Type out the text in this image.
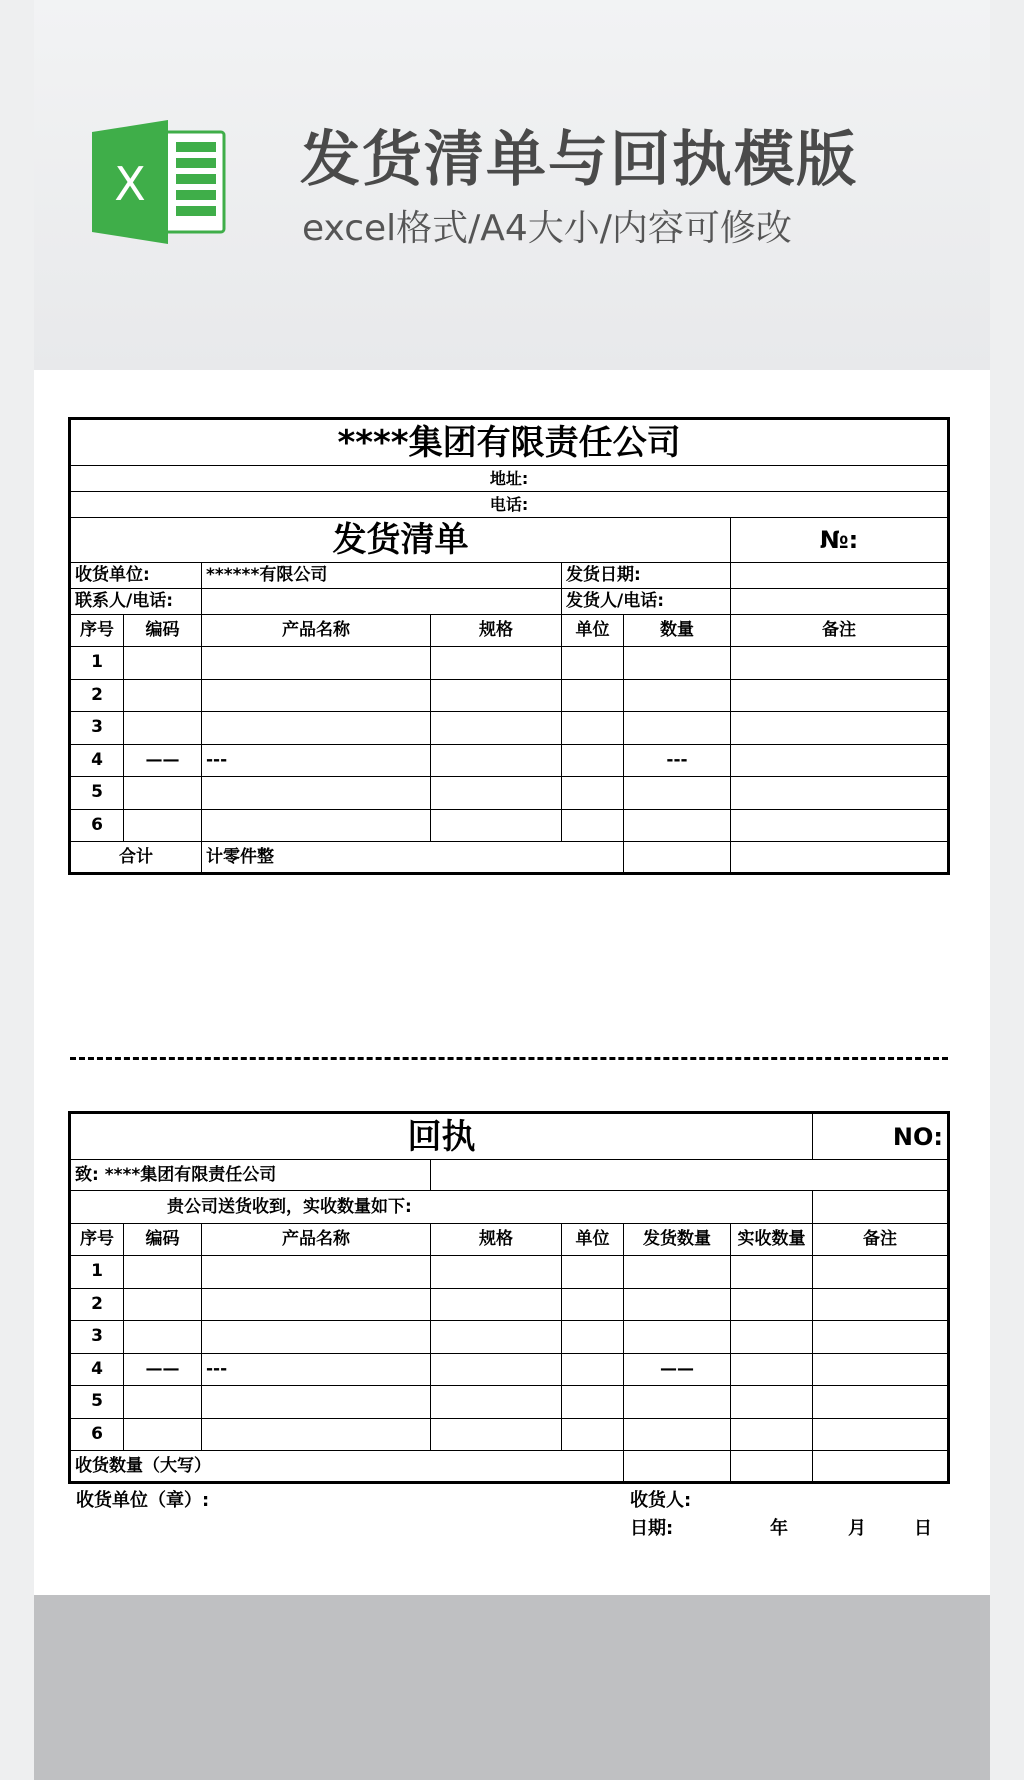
X	发货清单与回执模版
excel格式/A4大小/内容可修改
****集团有限责任公司						
地址:						
电话:						
发货清单						№:
收货单位:		******有限公司		发货日期:		
联系人/电话:				发货人/电话:		
序号	编码	产品名称	规格	单位	数量	备注
1						
2						
3						
4	——	---			---	
5						
6						
合计		计零件整				
回执							NO:
致: ****集团有限责任公司							
贵公司送货收到，实收数量如下:							
序号	编码	产品名称	规格	单位	发货数量	实收数量	备注
1							
2							
3							
4	——	---			——		
5							
6							
收货数量（大写）							
收货单位（章）:	收货人:
日期:	年	月	日
